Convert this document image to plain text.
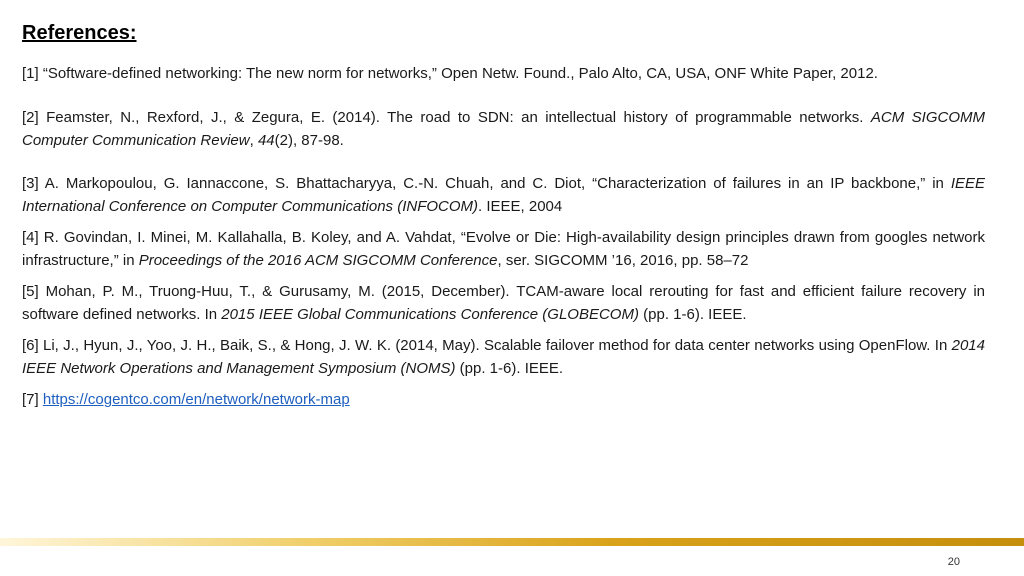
References:

[1] “Software-defined networking: The new norm for networks,” Open Netw. Found., Palo Alto, CA, USA, ONF White Paper, 2012.

[2] Feamster, N., Rexford, J., & Zegura, E. (2014). The road to SDN: an intellectual history of programmable networks. ACM SIGCOMM Computer Communication Review, 44(2), 87-98.

[3] A. Markopoulou, G. Iannaccone, S. Bhattacharyya, C.-N. Chuah, and C. Diot, “Characterization of failures in an IP backbone,” in IEEE International Conference on Computer Communications (INFOCOM). IEEE, 2004

[4] R. Govindan, I. Minei, M. Kallahalla, B. Koley, and A. Vahdat, “Evolve or Die: High-availability design principles drawn from googles network infrastructure,” in Proceedings of the 2016 ACM SIGCOMM Conference, ser. SIGCOMM ’16, 2016, pp. 58–72

[5] Mohan, P. M., Truong-Huu, T., & Gurusamy, M. (2015, December). TCAM-aware local rerouting for fast and efficient failure recovery in software defined networks. In 2015 IEEE Global Communications Conference (GLOBECOM) (pp. 1-6). IEEE.

[6] Li, J., Hyun, J., Yoo, J. H., Baik, S., & Hong, J. W. K. (2014, May). Scalable failover method for data center networks using OpenFlow. In 2014 IEEE Network Operations and Management Symposium (NOMS) (pp. 1-6). IEEE.

[7] https://cogentco.com/en/network/network-map

20
